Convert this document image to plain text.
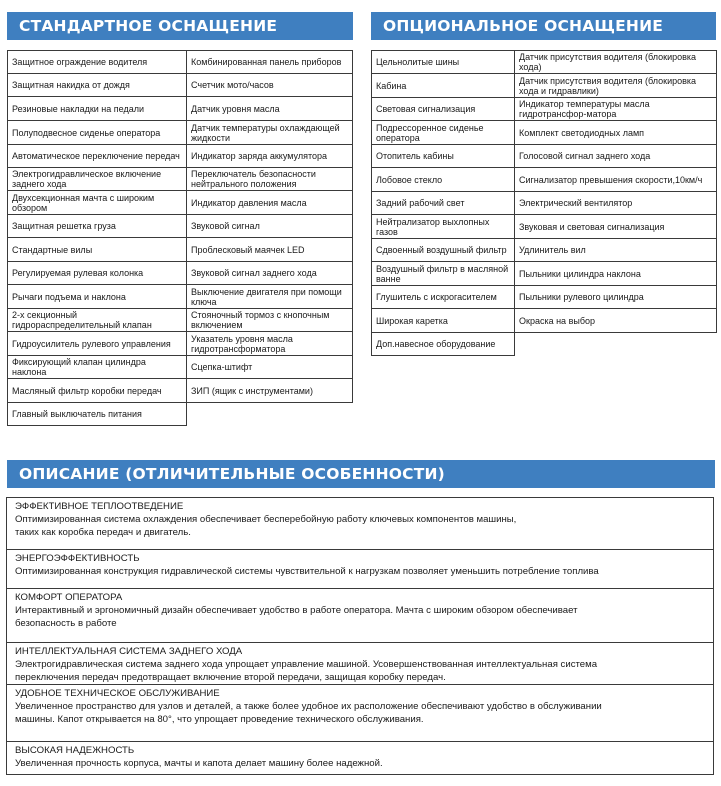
СТАНДАРТНОЕ ОСНАЩЕНИЕ
Защитное ограждение водителя	Комбинированная панель приборов
Защитная накидка от дождя	Счетчик мото/часов
Резиновые накладки на педали	Датчик уровня масла
Полуподвесное сиденье оператора	Датчик температуры охлаждающей жидкости
Автоматическое переключение передач	Индикатор заряда аккумулятора
Электрогидравлическое включение заднего хода	Переключатель безопасности нейтрального положения
Двухсекционная мачта с широким обзором	Индикатор давления масла
Защитная решетка груза	Звуковой сигнал
Стандартные вилы	Проблесковый маячек LED
Регулируемая рулевая колонка	Звуковой сигнал заднего хода
Рычаги подъема и наклона	Выключение двигателя при помощи ключа
2-х секционный гидрораспределительный клапан	Стояночный тормоз с кнопочным включением
Гидроусилитель рулевого управления	Указатель уровня масла гидротрансформатора
Фиксирующий клапан цилиндра наклона	Сцепка-штифт
Масляный фильтр коробки передач	ЗИП (ящик с инструментами)
Главный выключатель питания	
ОПЦИОНАЛЬНОЕ ОСНАЩЕНИЕ
Цельнолитые шины	Датчик присутствия водителя (блокировка хода)
Кабина	Датчик присутствия водителя (блокировка хода и гидравлики)
Световая сигнализация	Индикатор температуры масла гидротрансфор-матора
Подрессоренное сиденье оператора	Комплект светодиодных ламп
Отопитель кабины	Голосовой сигнал заднего хода
Лобовое стекло	Сигнализатор превышения скорости,10км/ч
Задний рабочий свет	Электрический вентилятор
Нейтрализатор выхлопных газов	Звуковая и световая сигнализация
Сдвоенный воздушный фильтр	Удлинитель вил
Воздушный фильтр в масляной ванне	Пыльники цилиндра наклона
Глушитель с искрогасителем	Пыльники рулевого цилиндра
Широкая каретка	Окраска на выбор
Доп.навесное оборудование	
ОПИСАНИЕ (ОТЛИЧИТЕЛЬНЫЕ ОСОБЕННОСТИ)
ЭФФЕКТИВНОЕ ТЕПЛООТВЕДЕНИЕ
Оптимизированная система охлаждения обеспечивает бесперебойную работу ключевых компонентов машины,
таких как коробка передач и двигатель.
ЭНЕРГОЭФФЕКТИВНОСТЬ
Оптимизированная конструкция гидравлической системы чувствительной к нагрузкам позволяет уменьшить потребление топлива
КОМФОРТ ОПЕРАТОРА
Интерактивный и эргономичный дизайн обеспечивает удобство в работе оператора. Мачта с широким обзором обеспечивает
безопасность в работе
ИНТЕЛЛЕКТУАЛЬНАЯ СИСТЕМА ЗАДНЕГО ХОДА
Электрогидравлическая система заднего хода упрощает управление машиной. Усовершенствованная интеллектуальная система
переключения передач предотвращает включение второй передачи, защищая коробку передач.
УДОБНОЕ ТЕХНИЧЕСКОЕ ОБСЛУЖИВАНИЕ
Увеличенное пространство для узлов и деталей, а также более удобное их расположение обеспечивают удобство в обслуживании
машины. Капот открывается на 80°, что упрощает проведение технического обслуживания.
ВЫСОКАЯ НАДЕЖНОСТЬ
Увеличенная прочность корпуса, мачты и капота делает машину более надежной.
